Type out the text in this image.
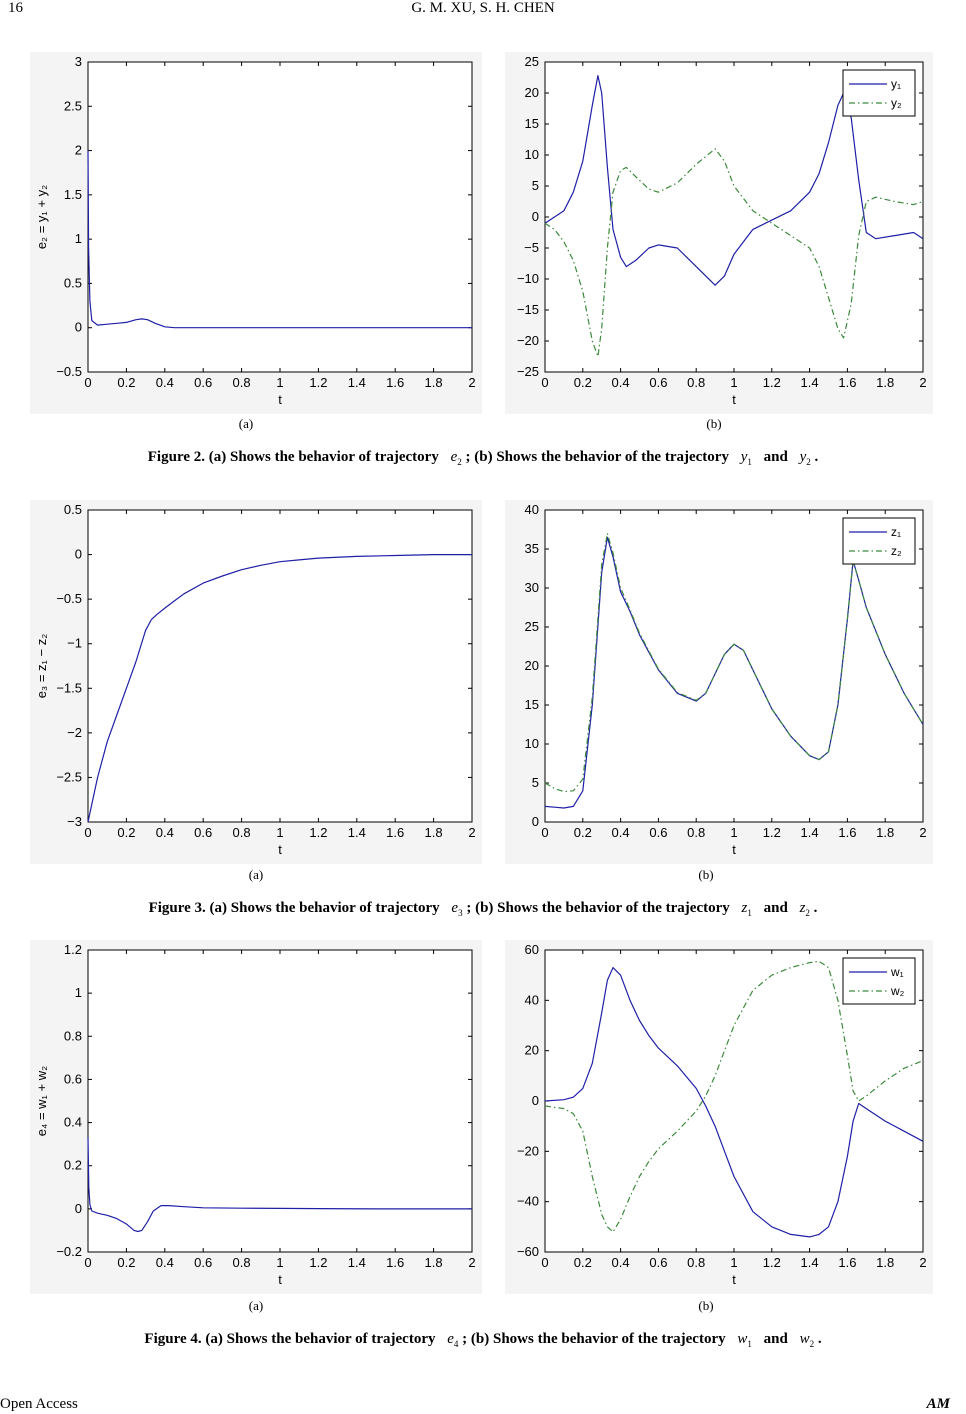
16	G. M. XU, S. H. CHEN
0 0.2 0.4 0.6 0.8 1 1.2 1.4 1.6 1.8 2
−0.5
0
0.5
1
1.5
2
2.5
3
t
e₂ = y₁ + y₂
0 0.2 0.4 0.6 0.8 1 1.2 1.4 1.6 1.8 2
−25
−20
−15
−10
−5
0
5
10
15
20
25
t
y₁
y₂
(a)	(b)
Figure 2. (a) Shows the behavior of trajectory $e_2$ ; (b) Shows the behavior of the trajectory $y_1$ and $y_2$ .
0 0.2 0.4 0.6 0.8 1 1.2 1.4 1.6 1.8 2
−3
−2.5
−2
−1.5
−1
−0.5
0
0.5
t
e₃ = z₁ − z₂
0 0.2 0.4 0.6 0.8 1 1.2 1.4 1.6 1.8 2
0
5
10
15
20
25
30
35
40
t
z₁
z₂
(a)	(b)
Figure 3. (a) Shows the behavior of trajectory $e_3$ ; (b) Shows the behavior of the trajectory $z_1$ and $z_2$ .
0 0.2 0.4 0.6 0.8 1 1.2 1.4 1.6 1.8 2
−0.2
0
0.2
0.4
0.6
0.8
1
1.2
t
e₄ = w₁ + w₂
0 0.2 0.4 0.6 0.8 1 1.2 1.4 1.6 1.8 2
−60
−40
−20
0
20
40
60
t
w₁
w₂
(a)	(b)
Figure 4. (a) Shows the behavior of trajectory $e_4$ ; (b) Shows the behavior of the trajectory $w_1$ and $w_2$ .
Open Access	AM
